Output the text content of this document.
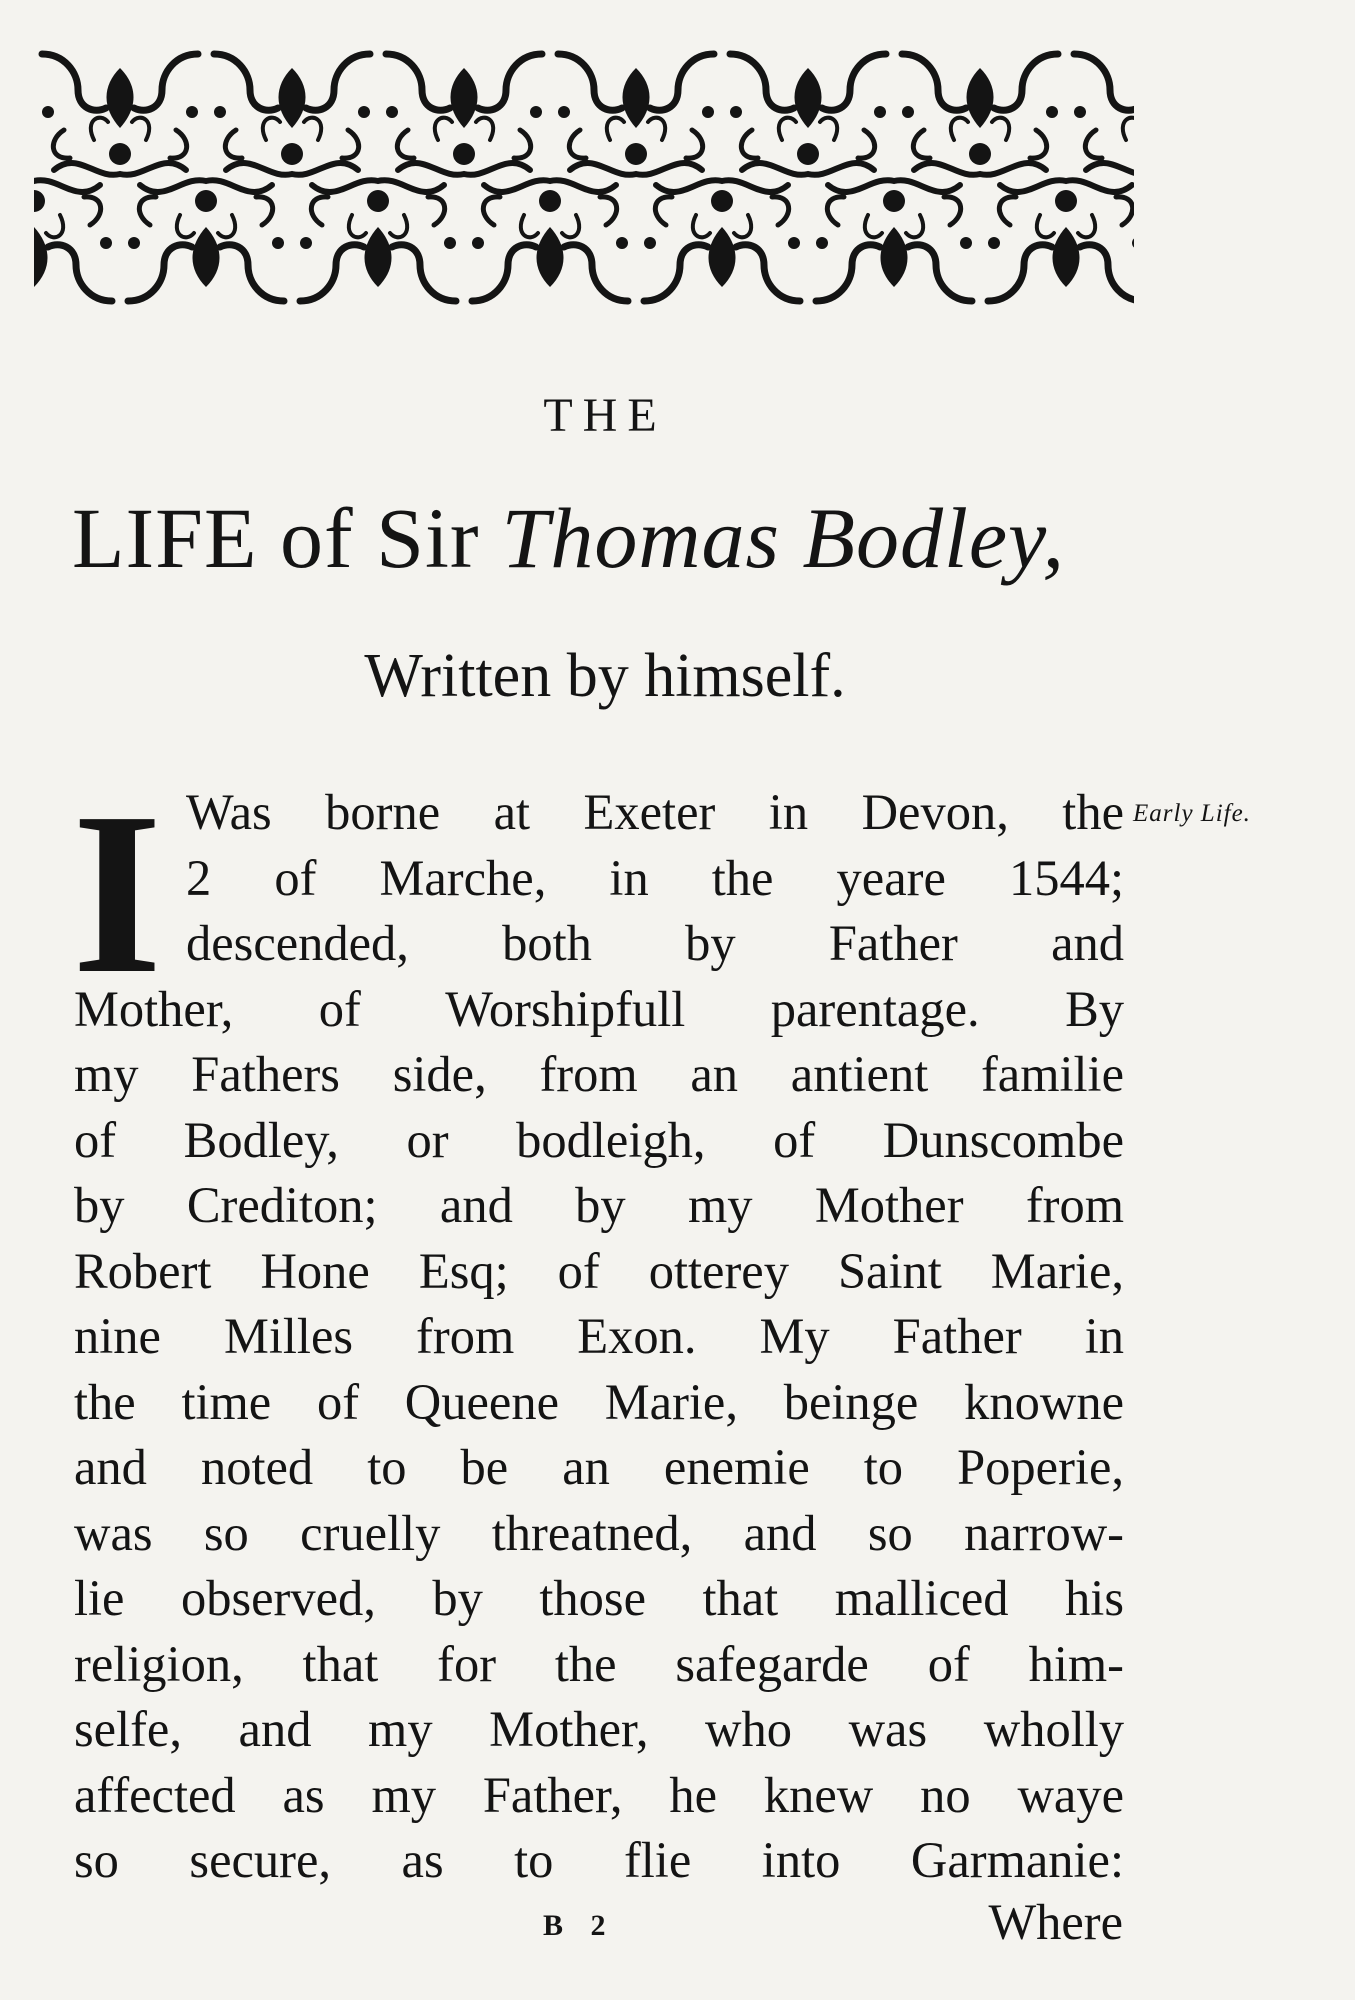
THE
LIFE of Sir Thomas Bodley,
Written by himself.
Early Life.
I Was borne at Exeter in Devon, the
2 of Marche, in the yeare 1544;
descended, both by Father and
Mother, of Worshipfull parentage. By
my Fathers side, from an antient familie
of Bodley, or bodleigh, of Dunscombe
by Crediton; and by my Mother from
Robert Hone Esq; of otterey Saint Marie,
nine Milles from Exon. My Father in
the time of Queene Marie, beinge knowne
and noted to be an enemie to Poperie,
was so cruelly threatned, and so narrow-
lie observed, by those that malliced his
religion, that for the safegarde of him-
selfe, and my Mother, who was wholly
affected as my Father, he knew no waye
so secure, as to flie into Garmanie:
B 2	Where
